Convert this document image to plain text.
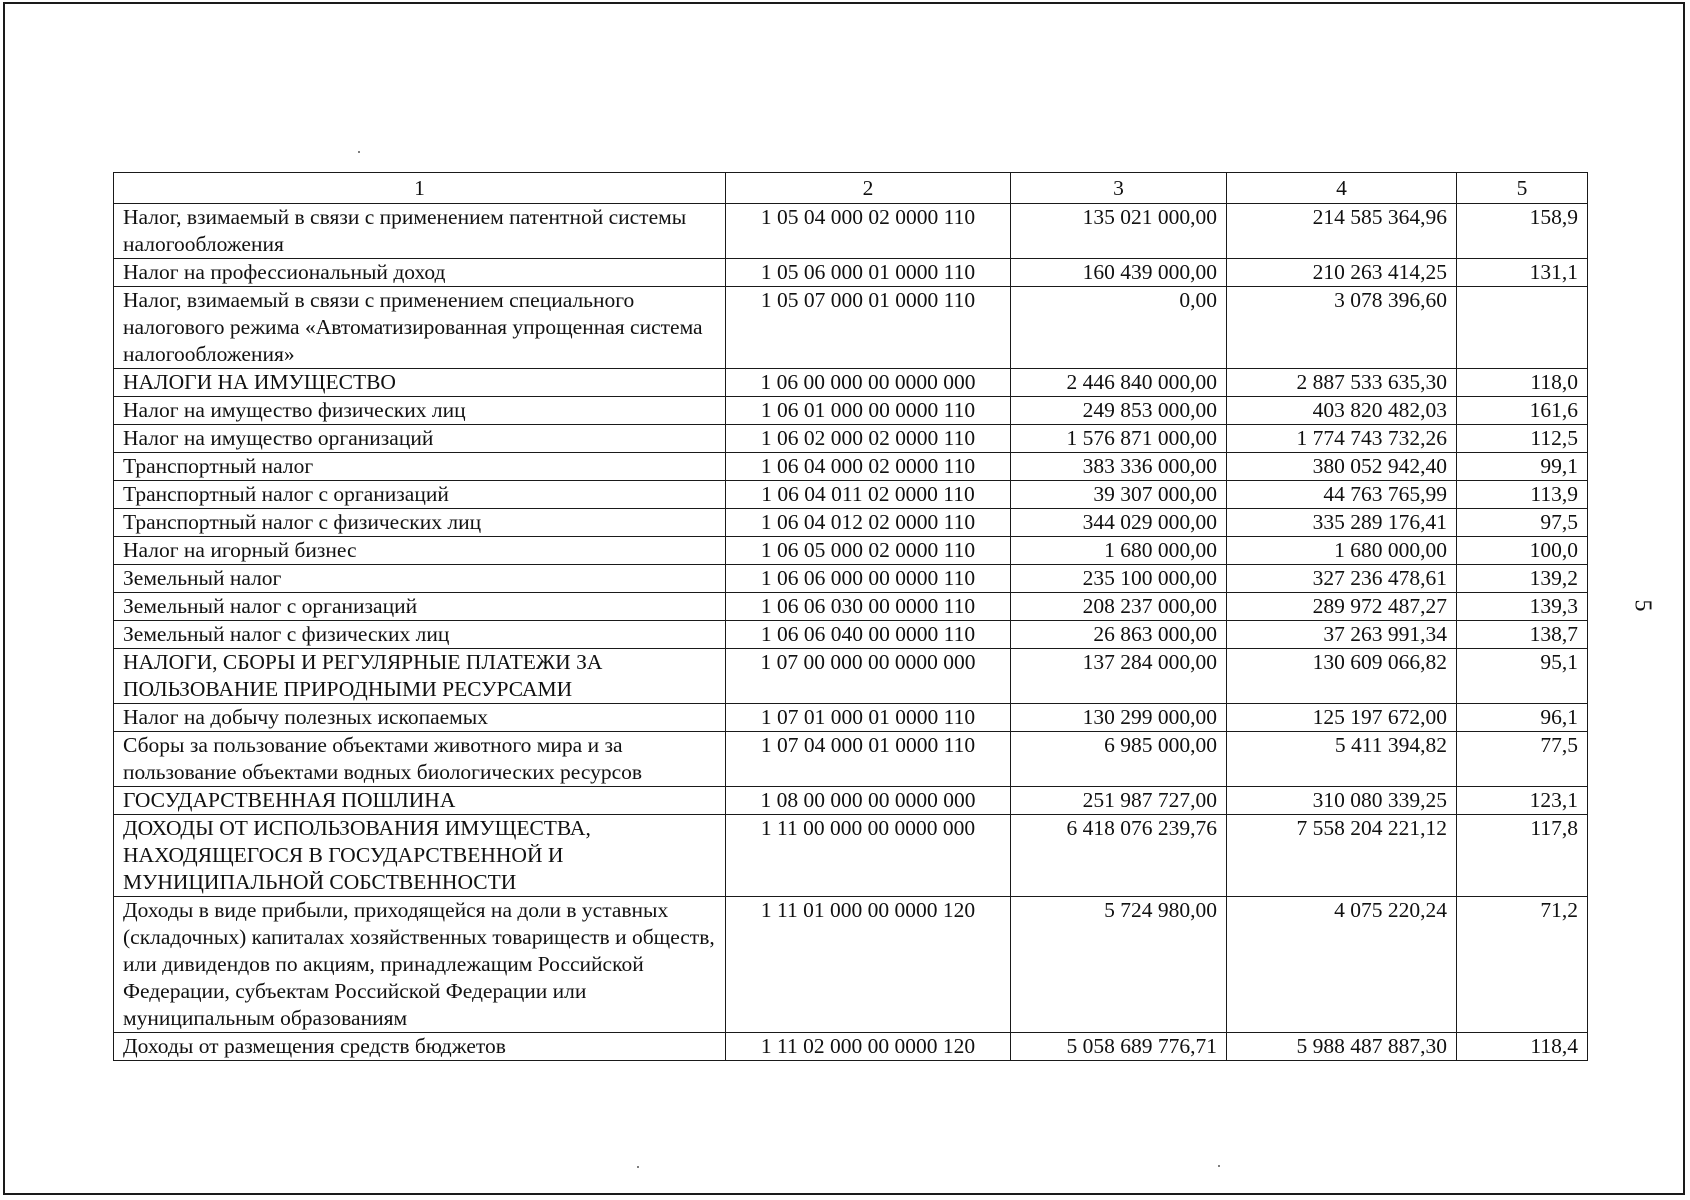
1	2	3	4	5
Налог, взимаемый в связи с применением патентной системы налогообложения	1 05 04 000 02 0000 110	135 021 000,00	214 585 364,96	158,9
Налог на профессиональный доход	1 05 06 000 01 0000 110	160 439 000,00	210 263 414,25	131,1
Налог, взимаемый в связи с применением специального налогового режима «Автоматизированная упрощенная система налогообложения»	1 05 07 000 01 0000 110	0,00	3 078 396,60	
НАЛОГИ НА ИМУЩЕСТВО	1 06 00 000 00 0000 000	2 446 840 000,00	2 887 533 635,30	118,0
Налог на имущество физических лиц	1 06 01 000 00 0000 110	249 853 000,00	403 820 482,03	161,6
Налог на имущество организаций	1 06 02 000 02 0000 110	1 576 871 000,00	1 774 743 732,26	112,5
Транспортный налог	1 06 04 000 02 0000 110	383 336 000,00	380 052 942,40	99,1
Транспортный налог с организаций	1 06 04 011 02 0000 110	39 307 000,00	44 763 765,99	113,9
Транспортный налог с физических лиц	1 06 04 012 02 0000 110	344 029 000,00	335 289 176,41	97,5
Налог на игорный бизнес	1 06 05 000 02 0000 110	1 680 000,00	1 680 000,00	100,0
Земельный налог	1 06 06 000 00 0000 110	235 100 000,00	327 236 478,61	139,2
Земельный налог с организаций	1 06 06 030 00 0000 110	208 237 000,00	289 972 487,27	139,3
Земельный налог с физических лиц	1 06 06 040 00 0000 110	26 863 000,00	37 263 991,34	138,7
НАЛОГИ, СБОРЫ И РЕГУЛЯРНЫЕ ПЛАТЕЖИ ЗА ПОЛЬЗОВАНИЕ ПРИРОДНЫМИ РЕСУРСАМИ	1 07 00 000 00 0000 000	137 284 000,00	130 609 066,82	95,1
Налог на добычу полезных ископаемых	1 07 01 000 01 0000 110	130 299 000,00	125 197 672,00	96,1
Сборы за пользование объектами животного мира и за пользование объектами водных биологических ресурсов	1 07 04 000 01 0000 110	6 985 000,00	5 411 394,82	77,5
ГОСУДАРСТВЕННАЯ ПОШЛИНА	1 08 00 000 00 0000 000	251 987 727,00	310 080 339,25	123,1
ДОХОДЫ ОТ ИСПОЛЬЗОВАНИЯ ИМУЩЕСТВА, НАХОДЯЩЕГОСЯ В ГОСУДАРСТВЕННОЙ И МУНИЦИПАЛЬНОЙ СОБСТВЕННОСТИ	1 11 00 000 00 0000 000	6 418 076 239,76	7 558 204 221,12	117,8
Доходы в виде прибыли, приходящейся на доли в уставных (складочных) капиталах хозяйственных товариществ и обществ, или дивидендов по акциям, принадлежащим Российской Федерации, субъектам Российской Федерации или муниципальным образованиям	1 11 01 000 00 0000 120	5 724 980,00	4 075 220,24	71,2
Доходы от размещения средств бюджетов	1 11 02 000 00 0000 120	5 058 689 776,71	5 988 487 887,30	118,4
5
